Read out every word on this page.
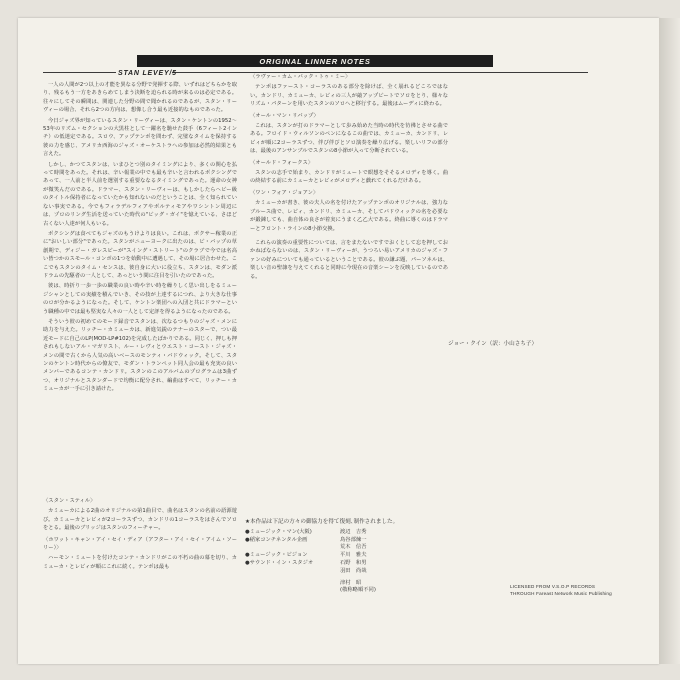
ORIGINAL LINNER NOTES
STAN LEVEY/5

一人の人間が2つ以上の才能を異なる分野で発揮する際、いずれはどちらかを取り、残るもう一方をあきらめてしまう決断を迫られる時が来るのは必定である。往々にしてその瞬間は、関連した分野の間で聞かれるのであるが、スタン・リーヴィーの場合、それら2つの方向は、想像し合う最も近接的なものであった。

今日ジャズ界が知っているスタン・リーヴィーは、スタン・ケントンの1952～53年のリズム・セクションの大黒柱として一躍名を馳せた鼓手（6フィート2インチ）の低迷定である。スロウ、アップテンポを問わず、完璧なタイムを保持する彼の力を感じ、アメリカ西海のジャズ・オーケストラへの参加は必然的結果とも言えた。

しかし、かつてスタンは、いまひとつ別のタイミングにより、多くの関心を払って時間をあった。それは、辛い報業の中でも最も辛いと言われるボクシングであって、一人前と半人前を選別する重要ななるタイミングであった。運命の女神が微笑んだのである。ドラマー、スタン・リーヴィーは、もしかしたらヘビー級のタイトル保持者になっていたかも知れないのだということは、全く知られていない事実である。今でもフィラデルフィアやボルティモアやワシントン周辺には、プロのリング生活を送っていた時代の"ビッグ・ガイ"を憶えている、さほど古くない人達が何人もいる。

ボクシングは食べてもジャズのもうけよりは良い。これは、ボクサー稼業の正に"おいしい部分"であった。スタンがニューヨークに出たのは、ビ・バップの草創期で、ディジー・ガレスピーが"スイング・ストリート"のクラブで今では名高い皆つかのスモール・コンボの1つを始動中に遭遇して、その場に居合わせた。ここでもスタンのタイム・センスは、彼自身に大いに役立ち、スタンは、モダン派ドラムの先駆者の一人として、あっという間に注目を引いたのであった。

彼は、時折り一歩一歩の職業の良い時や辛い時を繰りしく思い出しをるミュージシャンとしての実績を積んでいき、その技が上達するにつれ、より大きな仕事のロが分かるようになった。そして、ケントン楽団への入団と共にドラマーという職種の中では最も堅実な人々の一人として定評を得るようになったのである。

そういう彼の初めてのモード録音でスタンは、次なるつもりのジャズ・メンに助力を与えた。リッチー・カミューカは、新進気鋭のテナーのスターで、つい最近モードに自己のLP(MOD-LP#102)を完成したばかりである。同じく、押しも押されもしないアル・マガリスト、ルー・レヴィとウエスト・コースト・ジャズ・メンの間で古くから人気の高いベースのモンティ・バドウィック。そして、スタンのケントン時代からの僚友で、モダン・トランペット同人会の最も充実の良いメンバーであるコンテ・カンドリ。スタンのこのアルバムのプログラムは3曲ずつ、オリジナルとスタンダードで均衡に配分され、編曲はすべて、リッチー・カミューカが一手に引き請けた。

〈スタン・スティル〉

カミューカによる2曲のオリジナルの第1曲目で、曲名はスタンの名前の語源遊び。カミューカとレビィが2コーラスずつ、カンドリの1コーラスをはさんでソロをとる。最後のブリッジはスタンのフィーチャー。

〈ホワット・キャン・アイ・セイ・ディア（アフター・アイ・セイ・アイム・ソーリー）〉

ハーモン・ミュートを付けたコンテ・カンドリがこの不朽の曲の幕を切り、カミューカ・とレビィが順にこれに続く。テンポは最も

〈ラヴァー・カム・バック・トゥ・ミー〉

テンポはファースト・コーラスのある部分を除けば、全く崩れるどころではない。カンドリ、カミューカ、レビィの三人が敲アップビートでソロをとり、様々なリズム・パターンを用いたスタンのソロへと移行する。最後はムーディに終わる。

〈オール・マン・リバップ〉

これは、スタンが打のドラマーとして歩み始めた当時の時代を彷彿とさせる曲である。フロイド・ウィルソンのペンになるこの曲では、カミューカ、カンドリ、レビィが順に2コーラスずつ、伴び伴びとソロ演奏を繰り広げる。楽しいリフの部分は、最後のアンサンブルでスタンの8小節が入って分断されている。

〈オールド・フォークス〉

スタンの志手で始まり、カンドリがミュートで瞑想をそそるメロディを導く。曲の終結する前にカミューカとレビィがメロディと戯れてくれるだけある。

〈ワン・フォア・ジョアン〉

カミューカが書き、彼の夫人の名を付けたアップテンポのオリジナルは、強力なブルース曲で、レビィ、カンドリ、カミューカ、そしてバドウィックの名を必要なが鍛錬しても、曲自体の良さが着実にうまく乙乙大である。終曲に導くのはドラマーとフロント・ラインの8小節交換。

これらの演奏の重要性については、言をまたないですでおくとして忘を押しておかねばならないのは、スタン・リーヴィーが、うつろい易いアメリカのジャズ・ファンの好みについても通っているということである。彼の謙ぶ題、パーソネルは、楽しい音の聖隷を与えてくれると同時に今現在の音楽シーンを反映しているのである。

ジョー・クイン（訳：小山さち子）
★本作品は下記の方々の御協力を得て復刻､制作されました。
●ミュージック・マン(大阪)	渡辺　吉秀
●稲家コンチネンタル企画	鳥谷部煉一
荒木　信吾
●ミュージック・ビジョン	平川　雅夫
●サウンド・イン・スタジオ	石野　和男
羽田　尚哉
津村　昭
(敬称略順不同)
LICENSED FROM V.S.O.P RECORDS
THROUGH Fareast Network Music Publishing
